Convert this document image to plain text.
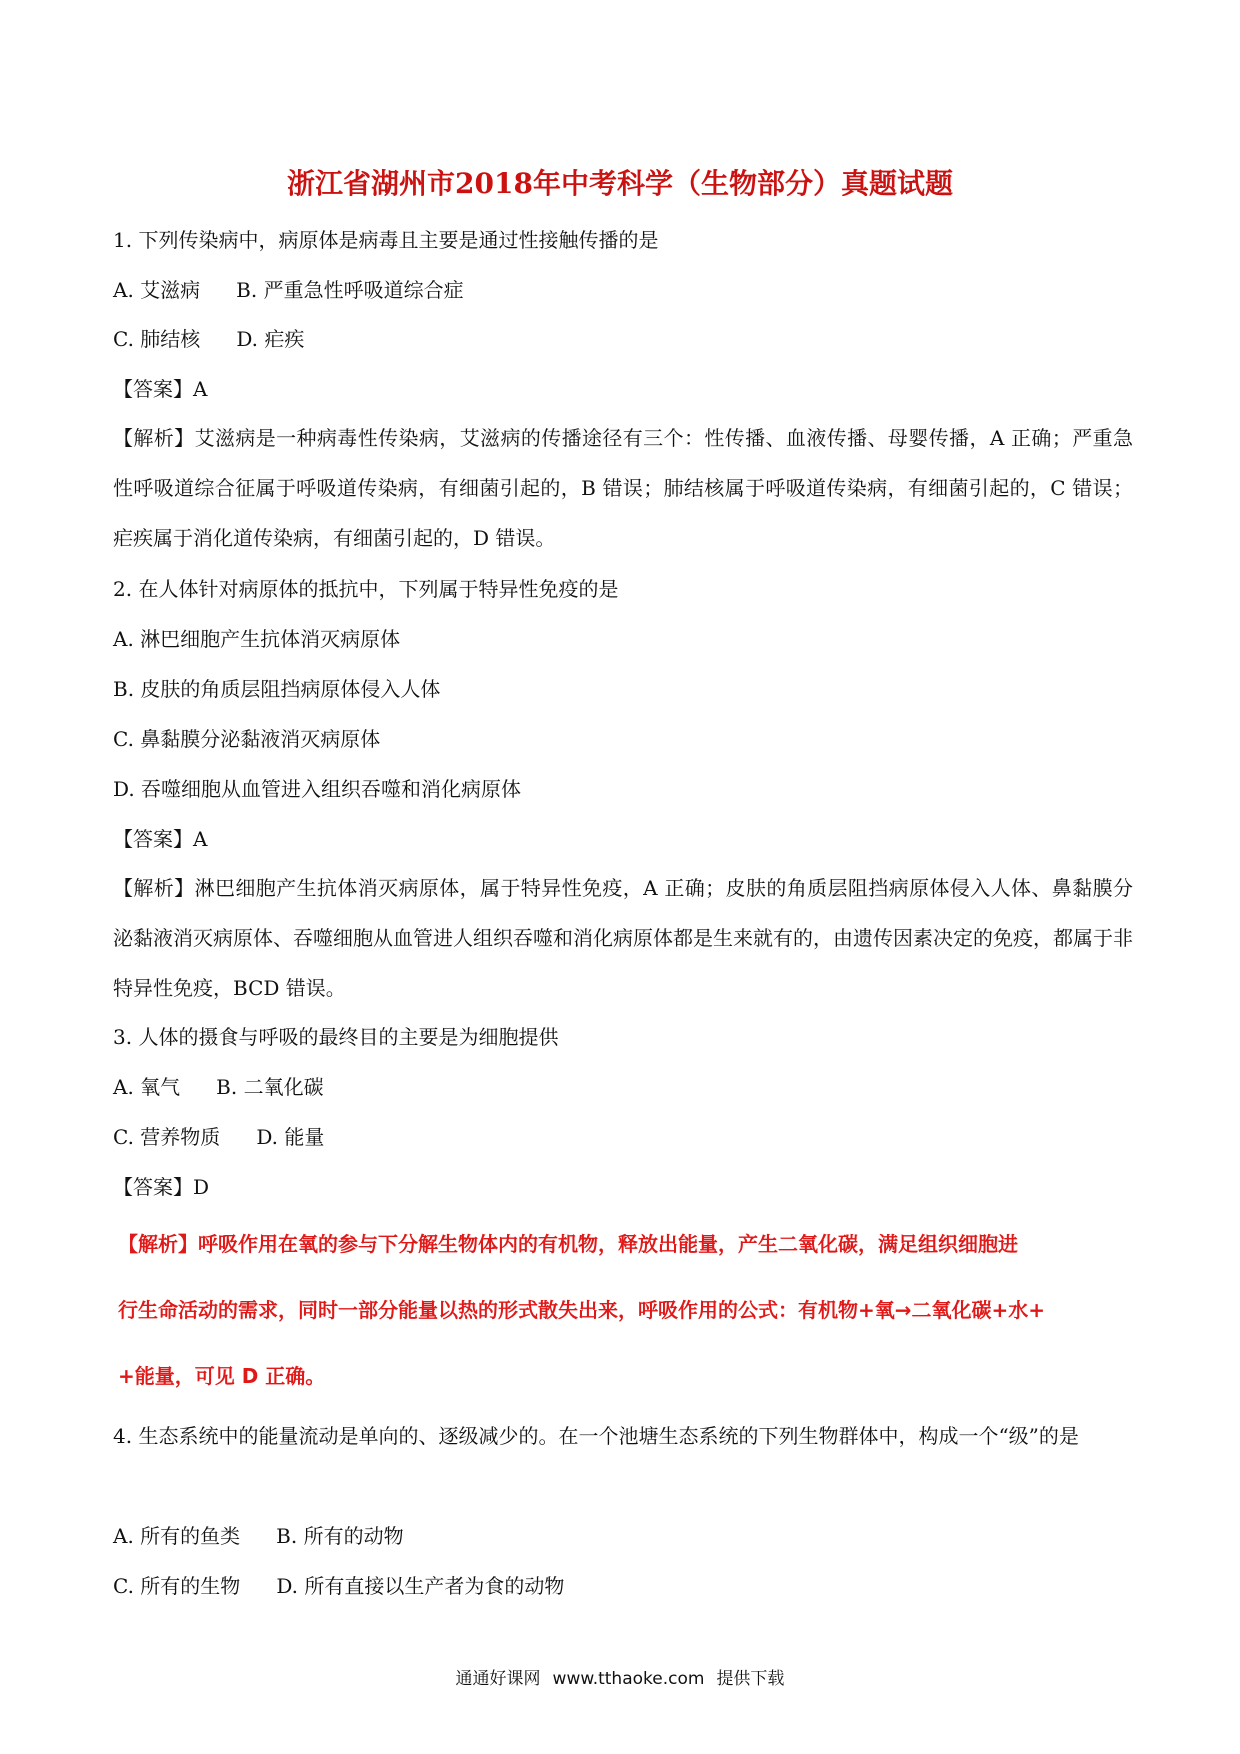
浙江省湖州市2018年中考科学（生物部分）真题试题
1. 下列传染病中，病原体是病毒且主要是通过性接触传播的是
A. 艾滋病 B. 严重急性呼吸道综合症
C. 肺结核 D. 疟疾
【答案】A
【解析】艾滋病是一种病毒性传染病，艾滋病的传播途径有三个：性传播、血液传播、母婴传播，A 正确；严重急性呼吸道综合征属于呼吸道传染病，有细菌引起的，B 错误；肺结核属于呼吸道传染病，有细菌引起的，C 错误；疟疾属于消化道传染病，有细菌引起的，D 错误。
2. 在人体针对病原体的抵抗中，下列属于特异性免疫的是
A. 淋巴细胞产生抗体消灭病原体
B. 皮肤的角质层阻挡病原体侵入人体
C. 鼻黏膜分泌黏液消灭病原体
D. 吞噬细胞从血管进入组织吞噬和消化病原体
【答案】A
【解析】淋巴细胞产生抗体消灭病原体，属于特异性免疫，A 正确；皮肤的角质层阻挡病原体侵入人体、鼻黏膜分泌黏液消灭病原体、吞噬细胞从血管进人组织吞噬和消化病原体都是生来就有的，由遗传因素决定的免疫，都属于非特异性免疫，BCD 错误。
3. 人体的摄食与呼吸的最终目的主要是为细胞提供
A. 氧气 B. 二氧化碳
C. 营养物质 D. 能量
【答案】D
【解析】呼吸作用在氧的参与下分解生物体内的有机物，释放出能量，产生二氧化碳，满足组织细胞进
行生命活动的需求，同时一部分能量以热的形式散失出来，呼吸作用的公式：有机物+氧→二氧化碳+水+
+能量，可见 D 正确。
4. 生态系统中的能量流动是单向的、逐级减少的。在一个池塘生态系统的下列生物群体中，构成一个“级”的是
A. 所有的鱼类 B. 所有的动物
C. 所有的生物 D. 所有直接以生产者为食的动物
通通好课网 www.tthaoke.com 提供下载
